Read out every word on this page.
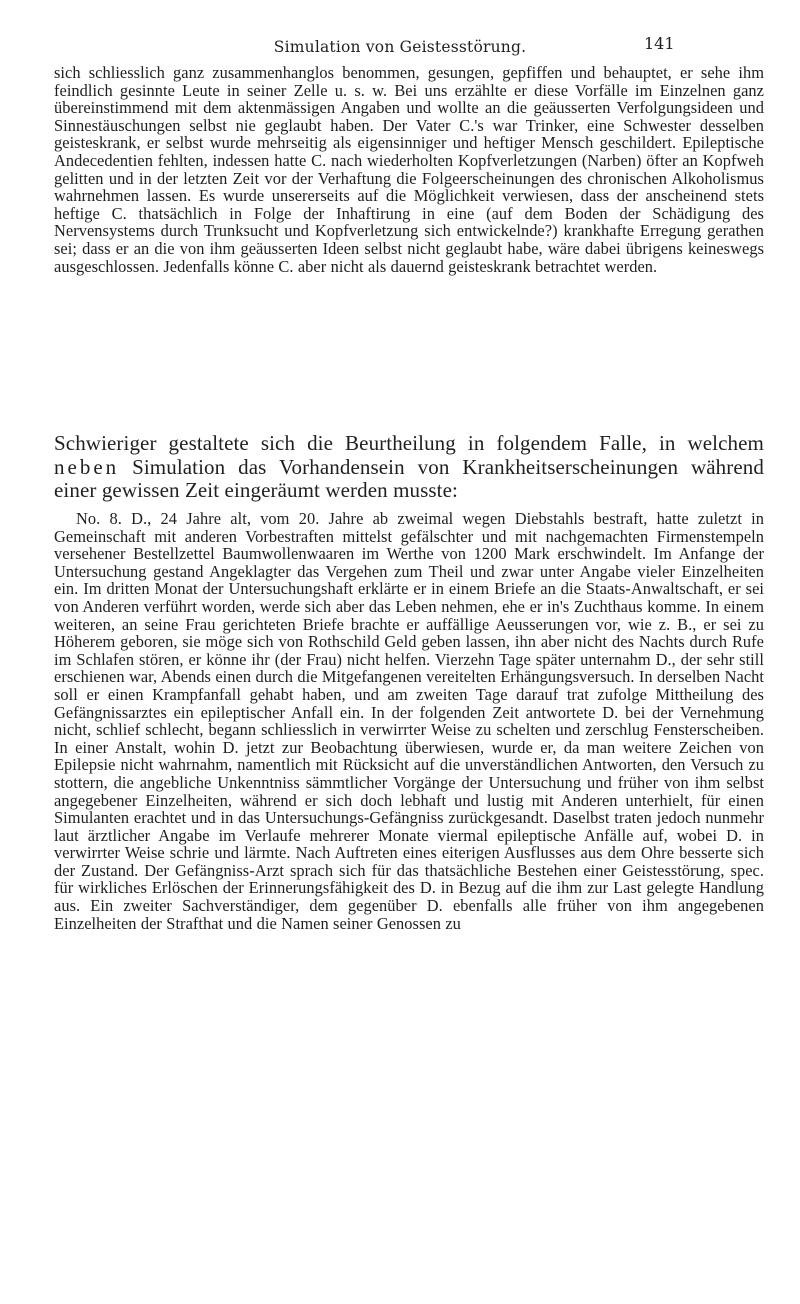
Simulation von Geistesstörung.	141

sich schliesslich ganz zusammenhanglos benommen, gesungen, gepfiffen und behauptet, er sehe ihm feindlich gesinnte Leute in seiner Zelle u. s. w. Bei uns erzählte er diese Vorfälle im Einzelnen ganz übereinstimmend mit dem aktenmässigen Angaben und wollte an die geäusserten Verfolgungsideen und Sinnestäuschungen selbst nie geglaubt haben. Der Vater C.'s war Trinker, eine Schwester desselben geisteskrank, er selbst wurde mehrseitig als eigensinniger und heftiger Mensch geschildert. Epileptische Andecedentien fehlten, indessen hatte C. nach wiederholten Kopfverletzungen (Narben) öfter an Kopfweh gelitten und in der letzten Zeit vor der Verhaftung die Folgeerscheinungen des chronischen Alkoholismus wahrnehmen lassen. Es wurde unsererseits auf die Möglichkeit verwiesen, dass der anscheinend stets heftige C. thatsächlich in Folge der Inhaftirung in eine (auf dem Boden der Schädigung des Nervensystems durch Trunksucht und Kopfverletzung sich entwickelnde?) krankhafte Erregung gerathen sei; dass er an die von ihm geäusserten Ideen selbst nicht geglaubt habe, wäre dabei übrigens keineswegs ausgeschlossen. Jedenfalls könne C. aber nicht als dauernd geisteskrank betrachtet werden.

Schwieriger gestaltete sich die Beurtheilung in folgendem Falle, in welchem neben Simulation das Vorhandensein von Krankheitserscheinungen während einer gewissen Zeit eingeräumt werden musste:

No. 8. D., 24 Jahre alt, vom 20. Jahre ab zweimal wegen Diebstahls bestraft, hatte zuletzt in Gemeinschaft mit anderen Vorbestraften mittelst gefälschter und mit nachgemachten Firmenstempeln versehener Bestellzettel Baumwollenwaaren im Werthe von 1200 Mark erschwindelt. Im Anfange der Untersuchung gestand Angeklagter das Vergehen zum Theil und zwar unter Angabe vieler Einzelheiten ein. Im dritten Monat der Untersuchungshaft erklärte er in einem Briefe an die Staats-Anwaltschaft, er sei von Anderen verführt worden, werde sich aber das Leben nehmen, ehe er in's Zuchthaus komme. In einem weiteren, an seine Frau gerichteten Briefe brachte er auffällige Aeusserungen vor, wie z. B., er sei zu Höherem geboren, sie möge sich von Rothschild Geld geben lassen, ihn aber nicht des Nachts durch Rufe im Schlafen stören, er könne ihr (der Frau) nicht helfen. Vierzehn Tage später unternahm D., der sehr still erschienen war, Abends einen durch die Mitgefangenen vereitelten Erhängungsversuch. In derselben Nacht soll er einen Krampfanfall gehabt haben, und am zweiten Tage darauf trat zufolge Mittheilung des Gefängnissarztes ein epileptischer Anfall ein. In der folgenden Zeit antwortete D. bei der Vernehmung nicht, schlief schlecht, begann schliesslich in verwirrter Weise zu schelten und zerschlug Fensterscheiben. In einer Anstalt, wohin D. jetzt zur Beobachtung überwiesen, wurde er, da man weitere Zeichen von Epilepsie nicht wahrnahm, namentlich mit Rücksicht auf die unverständlichen Antworten, den Versuch zu stottern, die angebliche Unkenntniss sämmtlicher Vorgänge der Untersuchung und früher von ihm selbst angegebener Einzelheiten, während er sich doch lebhaft und lustig mit Anderen unterhielt, für einen Simulanten erachtet und in das Untersuchungs-Gefängniss zurückgesandt. Daselbst traten jedoch nunmehr laut ärztlicher Angabe im Verlaufe mehrerer Monate viermal epileptische Anfälle auf, wobei D. in verwirrter Weise schrie und lärmte. Nach Auftreten eines eiterigen Ausflusses aus dem Ohre besserte sich der Zustand. Der Gefängniss-Arzt sprach sich für das thatsächliche Bestehen einer Geistesstörung, spec. für wirkliches Erlöschen der Erinnerungsfähigkeit des D. in Bezug auf die ihm zur Last gelegte Handlung aus. Ein zweiter Sachverständiger, dem gegenüber D. ebenfalls alle früher von ihm angegebenen Einzelheiten der Strafthat und die Namen seiner Genossen zu
